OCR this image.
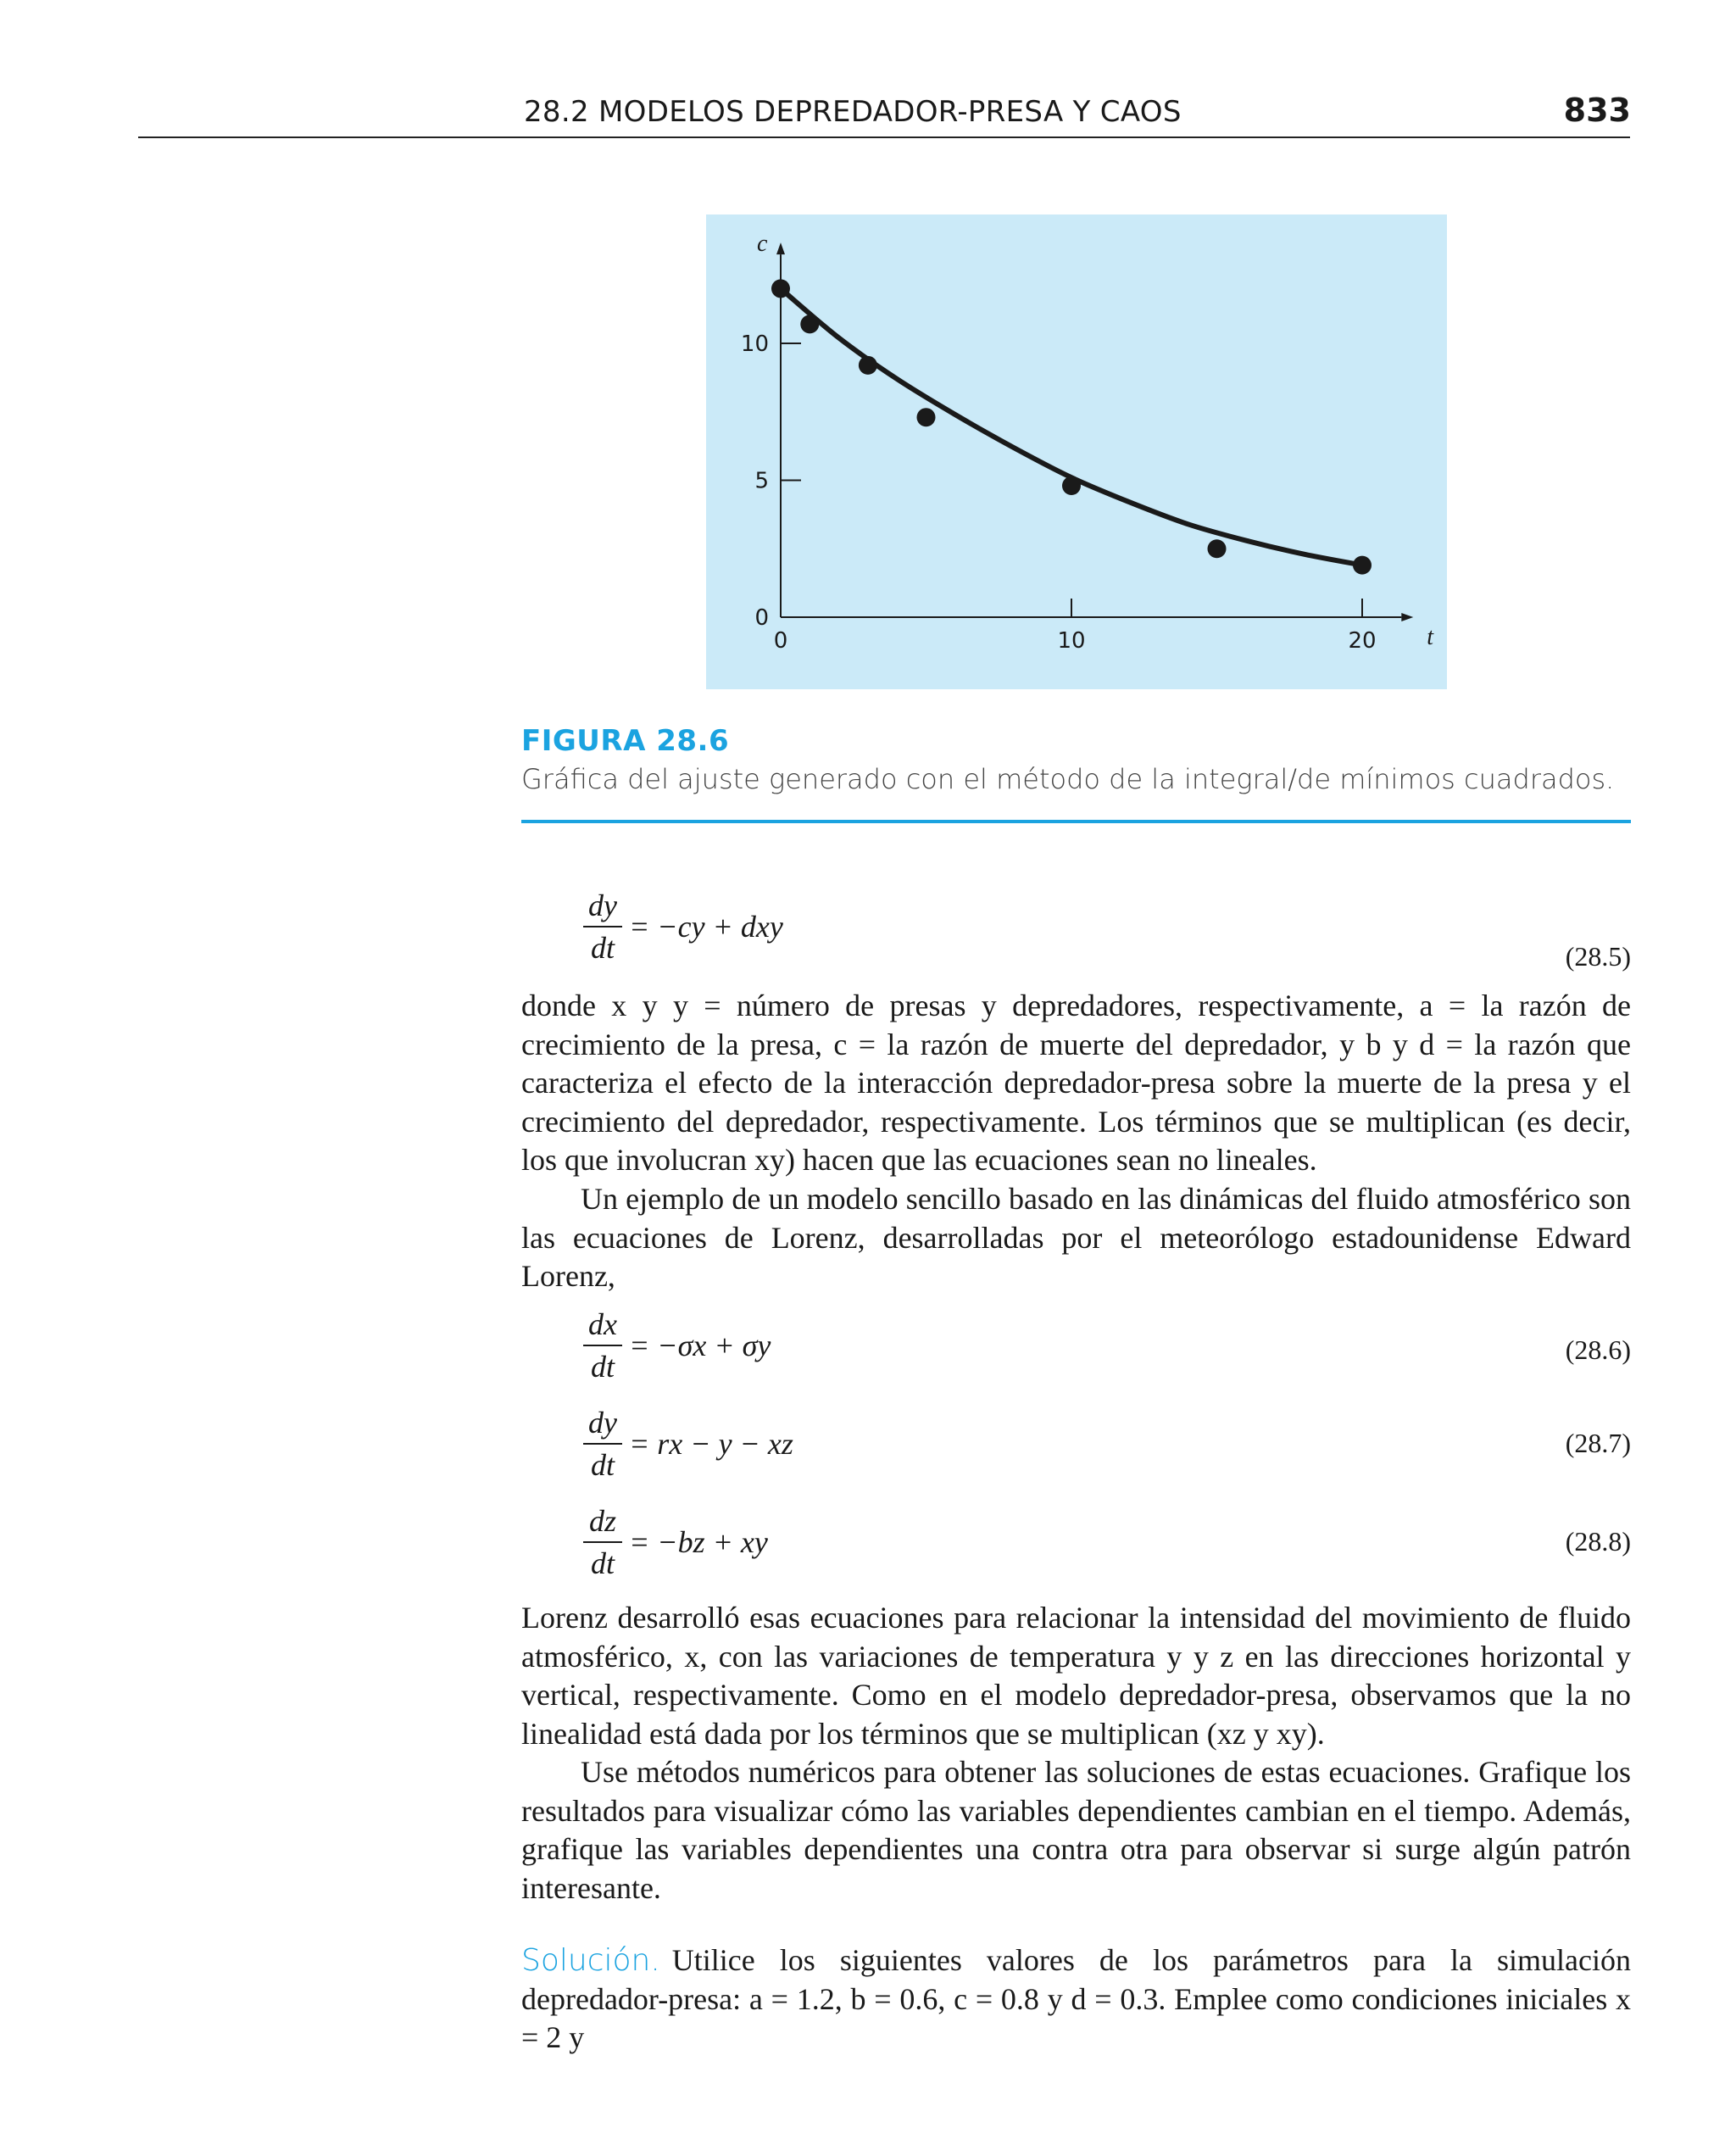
28.2 MODELOS DEPREDADOR-PRESA Y CAOS	833
t
c
0	10	20
0
5
10
FIGURA 28.6
Gráfica del ajuste generado con el método de la integral/de mínimos cuadrados.
dy
dt
= −cy + dxy
(28.5)
donde x y y = número de presas y depredadores, respectivamente, a = la razón de crecimiento de la presa, c = la razón de muerte del depredador, y b y d = la razón que caracteriza el efecto de la interacción depredador-presa sobre la muerte de la presa y el crecimiento del depredador, respectivamente. Los términos que se multiplican (es decir, los que involucran xy) hacen que las ecuaciones sean no lineales.
Un ejemplo de un modelo sencillo basado en las dinámicas del fluido atmosférico son las ecuaciones de Lorenz, desarrolladas por el meteorólogo estadounidense Edward Lorenz,
dx
dt
= −σx + σy	(28.6)
dy
dt
= rx − y − xz	(28.7)
dz
dt
= −bz + xy	(28.8)
Lorenz desarrolló esas ecuaciones para relacionar la intensidad del movimiento de fluido atmosférico, x, con las variaciones de temperatura y y z en las direcciones horizontal y vertical, respectivamente. Como en el modelo depredador-presa, observamos que la no linealidad está dada por los términos que se multiplican (xz y xy).
Use métodos numéricos para obtener las soluciones de estas ecuaciones. Grafique los resultados para visualizar cómo las variables dependientes cambian en el tiempo. Además, grafique las variables dependientes una contra otra para observar si surge algún patrón interesante.
Solución. Utilice los siguientes valores de los parámetros para la simulación depredador-presa: a = 1.2, b = 0.6, c = 0.8 y d = 0.3. Emplee como condiciones iniciales x = 2 y
